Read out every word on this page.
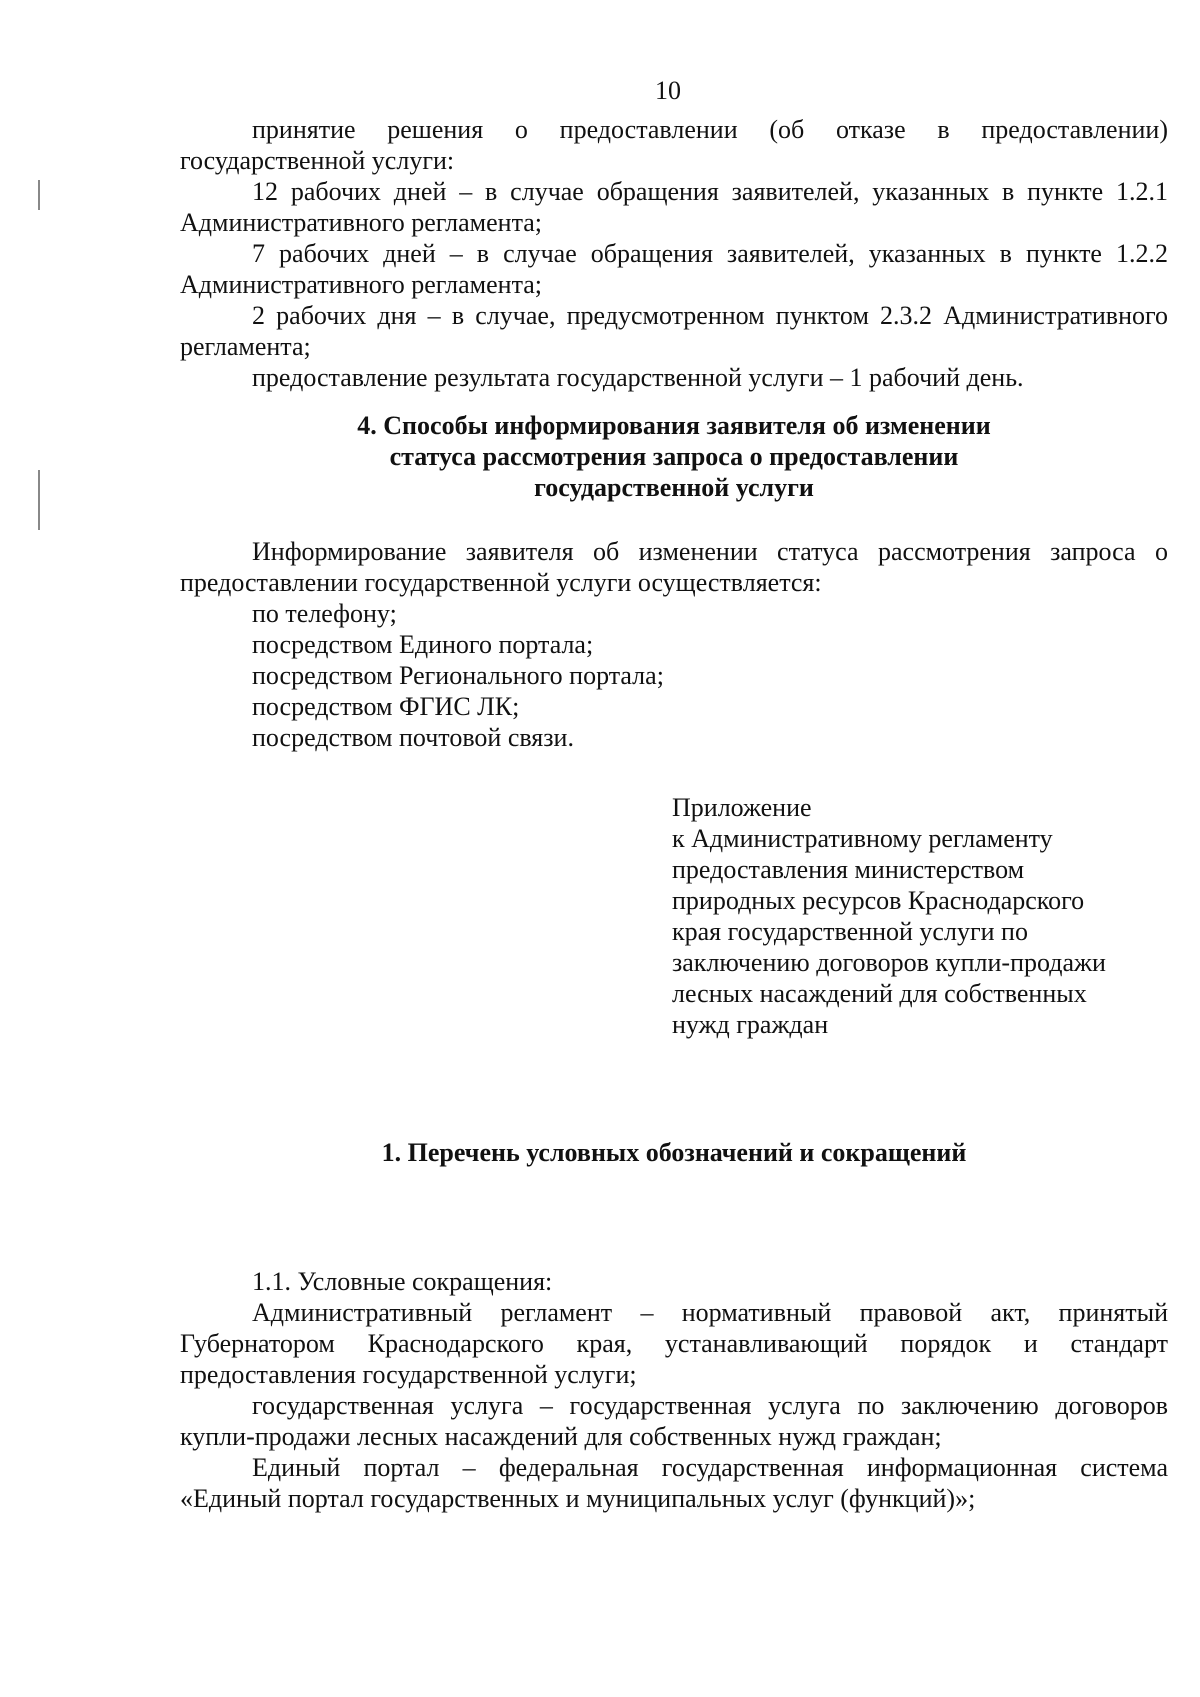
10

принятие решения о предоставлении (об отказе в предоставлении) государственной услуги:

12 рабочих дней – в случае обращения заявителей, указанных в пункте 1.2.1 Административного регламента;

7 рабочих дней – в случае обращения заявителей, указанных в пункте 1.2.2 Административного регламента;

2 рабочих дня – в случае, предусмотренном пунктом 2.3.2 Административного регламента;

предоставление результата государственной услуги – 1 рабочий день.

4. Способы информирования заявителя об изменении
статуса рассмотрения запроса о предоставлении
государственной услуги

Информирование заявителя об изменении статуса рассмотрения запроса о предоставлении государственной услуги осуществляется:

по телефону;

посредством Единого портала;

посредством Регионального портала;

посредством ФГИС ЛК;

посредством почтовой связи.

Приложение
к Административному регламенту
предоставления министерством
природных ресурсов Краснодарского
края государственной услуги по
заключению договоров купли-продажи
лесных насаждений для собственных
нужд граждан
1. Перечень условных обозначений и сокращений

1.1. Условные сокращения:

Административный регламент – нормативный правовой акт, принятый Губернатором Краснодарского края, устанавливающий порядок и стандарт предоставления государственной услуги;

государственная услуга – государственная услуга по заключению договоров купли-продажи лесных насаждений для собственных нужд граждан;

Единый портал – федеральная государственная информационная система «Единый портал государственных и муниципальных услуг (функций)»;
